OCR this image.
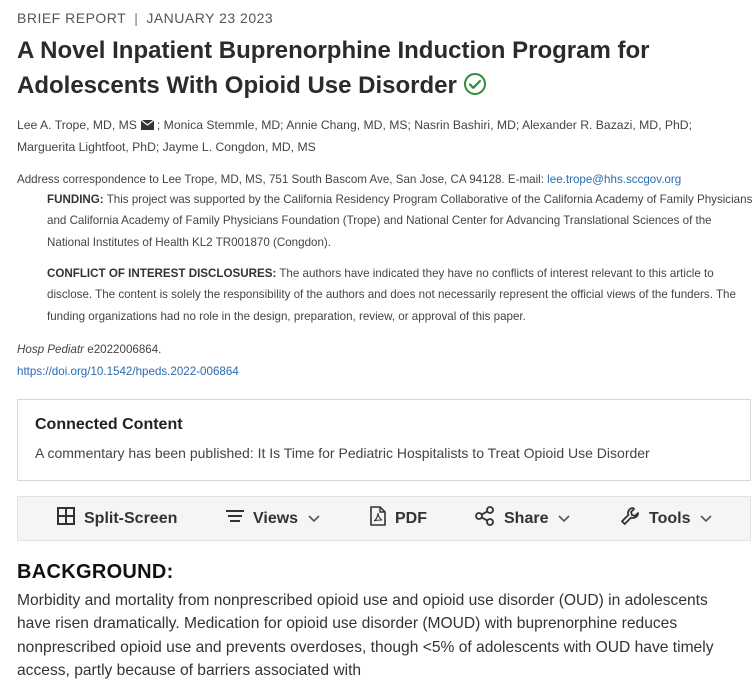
BRIEF REPORT | JANUARY 23 2023
A Novel Inpatient Buprenorphine Induction Program for Adolescents With Opioid Use Disorder
Lee A. Trope, MD, MS ; Monica Stemmle, MD; Annie Chang, MD, MS; Nasrin Bashiri, MD; Alexander R. Bazazi, MD, PhD; Marguerita Lightfoot, PhD; Jayme L. Congdon, MD, MS
Address correspondence to Lee Trope, MD, MS, 751 South Bascom Ave, San Jose, CA 94128. E-mail: lee.trope@hhs.sccgov.org
FUNDING: This project was supported by the California Residency Program Collaborative of the California Academy of Family Physicians and California Academy of Family Physicians Foundation (Trope) and National Center for Advancing Translational Sciences of the National Institutes of Health KL2 TR001870 (Congdon).
CONFLICT OF INTEREST DISCLOSURES: The authors have indicated they have no conflicts of interest relevant to this article to disclose. The content is solely the responsibility of the authors and does not necessarily represent the official views of the funders. The funding organizations had no role in the design, preparation, review, or approval of this paper.
Hosp Pediatr e2022006864.
https://doi.org/10.1542/hpeds.2022-006864
Connected Content
A commentary has been published: It Is Time for Pediatric Hospitalists to Treat Opioid Use Disorder
Split-Screen	Views	PDF	Share	Tools
BACKGROUND:
Morbidity and mortality from nonprescribed opioid use and opioid use disorder (OUD) in adolescents have risen dramatically. Medication for opioid use disorder (MOUD) with buprenorphine reduces nonprescribed opioid use and prevents overdoses, though <5% of adolescents with OUD have timely access, partly because of barriers associated with
